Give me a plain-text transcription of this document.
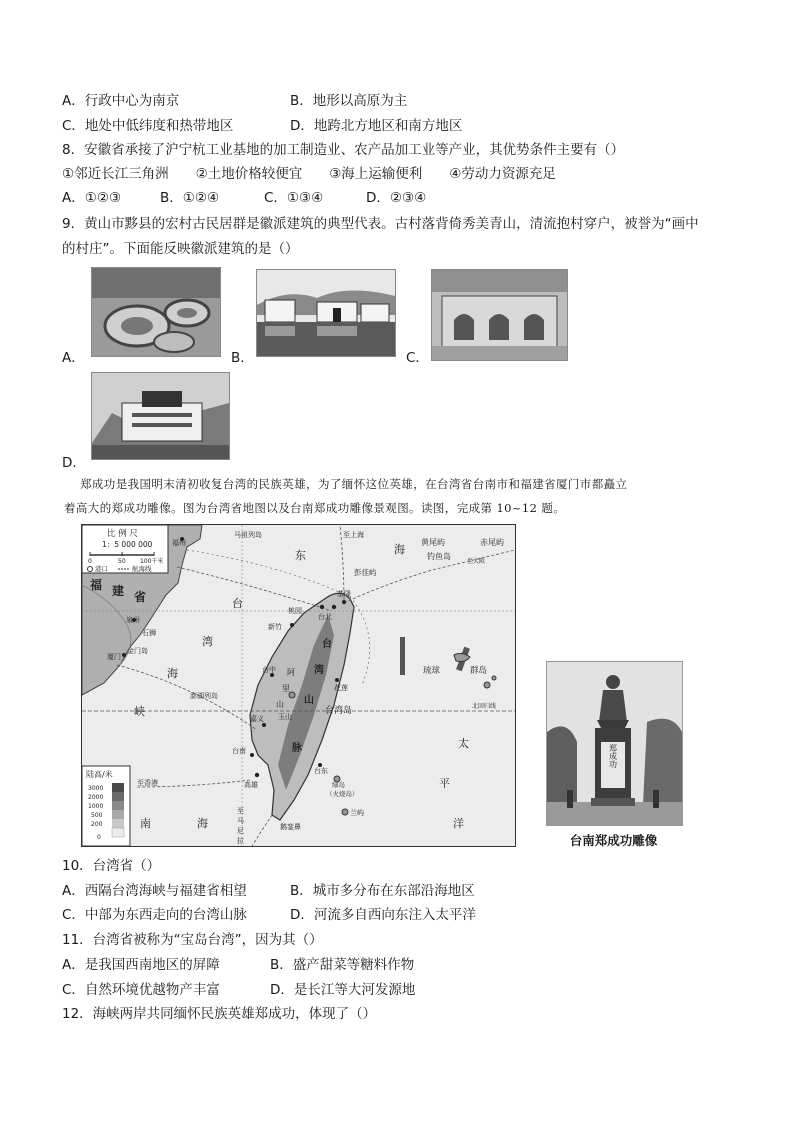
A．行政中心为南京	B．地形以高原为主
C．地处中低纬度和热带地区	D．地跨北方地区和南方地区
8．安徽省承接了沪宁杭工业基地的加工制造业、农产品加工业等产业，其优势条件主要有（）
①邻近长江三角洲　　②土地价格较便宜　　③海上运输便利　　④劳动力资源充足
A．①②③	B．①②④	C．①③④	D．②③④
9．黄山市黟县的宏村古民居群是徽派建筑的典型代表。古村落背倚秀美青山，清流抱村穿户，被誉为“画中
的村庄”。下面能反映徽派建筑的是（）
A．	B．	C．
D．
郑成功是我国明末清初收复台湾的民族英雄，为了缅怀这位英雄，在台湾省台南市和福建省厦门市都矗立
着高大的郑成功雕像。图为台湾省地图以及台南郑成功雕像景观图。读图，完成第 10~12 题。
比 例 尺
1：5 000 000
0	50 100千米
港口	航海线
陆高/米
3000
2000
1000
500
200
0
福州
马祖列岛
东	海
至上海
黄尾屿	赤尾屿
钓鱼岛
彭佳屿
至大阪
福 建 省	台
湾
海
峡
泉州
石狮
金门岛
厦门
澎湖列岛
桃园
台北
基隆
新竹
台中
玉山
嘉义
台南
高雄
花莲
台东
绿岛
（火烧岛）
兰屿
鹅銮鼻
台湾岛	北回归线
琉球	群岛
太
平
洋
南	海
至香港
至
马
尼
拉
台
湾
山
脉
阿
里
山
郑成功
台南郑成功雕像
10．台湾省（）
A．西隔台湾海峡与福建省相望	B．城市多分布在东部沿海地区
C．中部为东西走向的台湾山脉	D．河流多自西向东注入太平洋
11．台湾省被称为“宝岛台湾”，因为其（）
A．是我国西南地区的屏障	B．盛产甜菜等糖料作物
C．自然环境优越物产丰富	D．是长江等大河发源地
12．海峡两岸共同缅怀民族英雄郑成功，体现了（）
